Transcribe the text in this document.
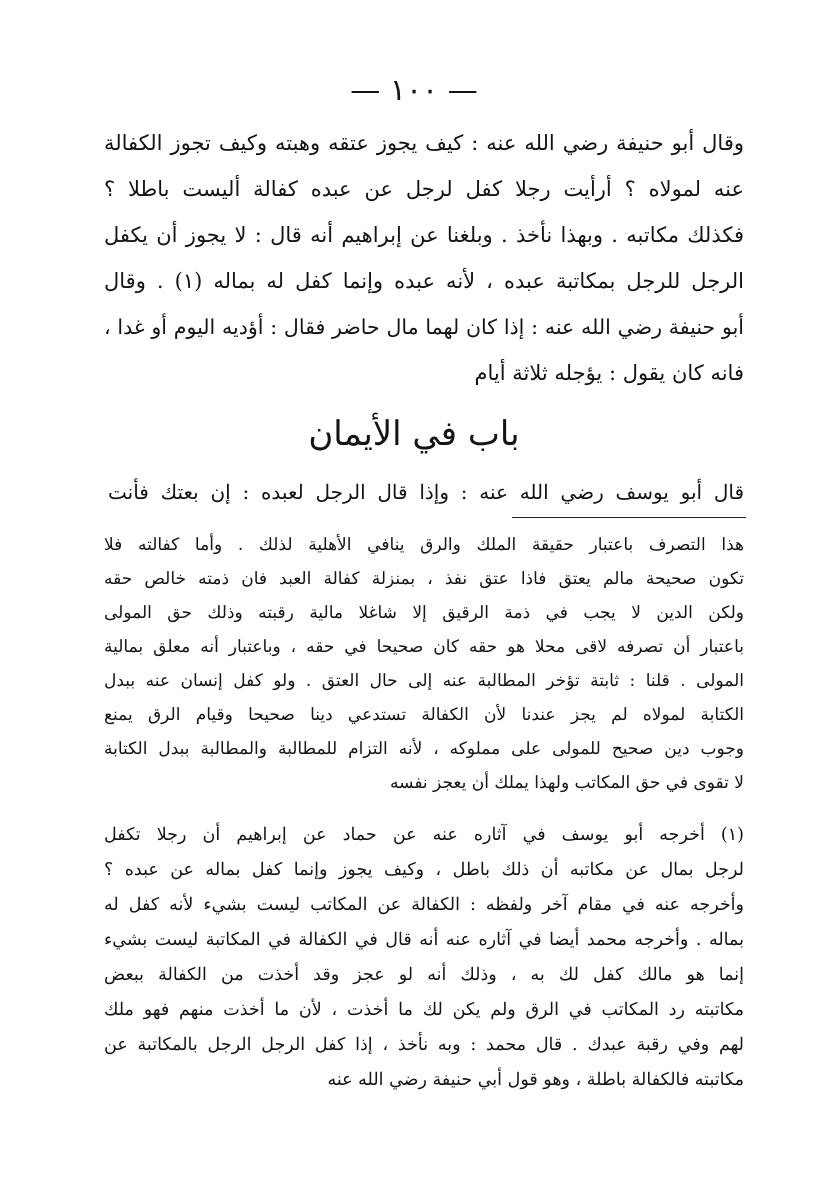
— ١٠٠ —
وقال أبو حنيفة رضي الله عنه : كيف يجوز عتقه وهبته وكيف تجوز الكفالة
عنه لمولاه ؟ أرأيت رجلا كفل لرجل عن عبده كفالة أليست باطلا ؟
فكذلك مكاتبه . وبهذا نأخذ . وبلغنا عن إبراهيم أنه قال : لا يجوز أن يكفل
الرجل للرجل بمكاتبة عبده ، لأنه عبده وإنما كفل له بماله (١) . وقال
أبو حنيفة رضي الله عنه : إذا كان لهما مال حاضر فقال : أؤديه اليوم أو غدا ،
فانه كان يقول : يؤجله ثلاثة أيام
باب في الأيمان
قال أبو يوسف رضي الله عنه : وإذا قال الرجل لعبده : إن بعتك فأنت
هذا التصرف باعتبار حقيقة الملك والرق ينافي الأهلية لذلك . وأما كفالته فلا
تكون صحيحة مالم يعتق فاذا عتق نفذ ، بمنزلة كفالة العبد فان ذمته خالص حقه
ولكن الدين لا يجب في ذمة الرقيق إلا شاغلا مالية رقبته وذلك حق المولى
باعتبار أن تصرفه لاقى محلا هو حقه كان صحيحا في حقه ، وباعتبار أنه معلق بمالية
المولى . قلنا : ثابتة تؤخر المطالبة عنه إلى حال العتق . ولو كفل إنسان عنه ببدل
الكتابة لمولاه لم يجز عندنا لأن الكفالة تستدعي دينا صحيحا وقيام الرق يمنع
وجوب دين صحيح للمولى على مملوكه ، لأنه التزام للمطالبة والمطالبة ببدل الكتابة
لا تقوى في حق المكاتب ولهذا يملك أن يعجز نفسه
(١) أخرجه أبو يوسف في آثاره عنه عن حماد عن إبراهيم أن رجلا تكفل
لرجل بمال عن مكاتبه أن ذلك باطل ، وكيف يجوز وإنما كفل بماله عن عبده ؟
وأخرجه عنه في مقام آخر ولفظه : الكفالة عن المكاتب ليست بشيء لأنه كفل له
بماله . وأخرجه محمد أيضا في آثاره عنه أنه قال في الكفالة في المكاتبة ليست بشيء
إنما هو مالك كفل لك به ، وذلك أنه لو عجز وقد أخذت من الكفالة ببعض
مكاتبته رد المكاتب في الرق ولم يكن لك ما أخذت ، لأن ما أخذت منهم فهو ملك
لهم وفي رقبة عبدك . قال محمد : وبه نأخذ ، إذا كفل الرجل الرجل بالمكاتبة عن
مكاتبته فالكفالة باطلة ، وهو قول أبي حنيفة رضي الله عنه
